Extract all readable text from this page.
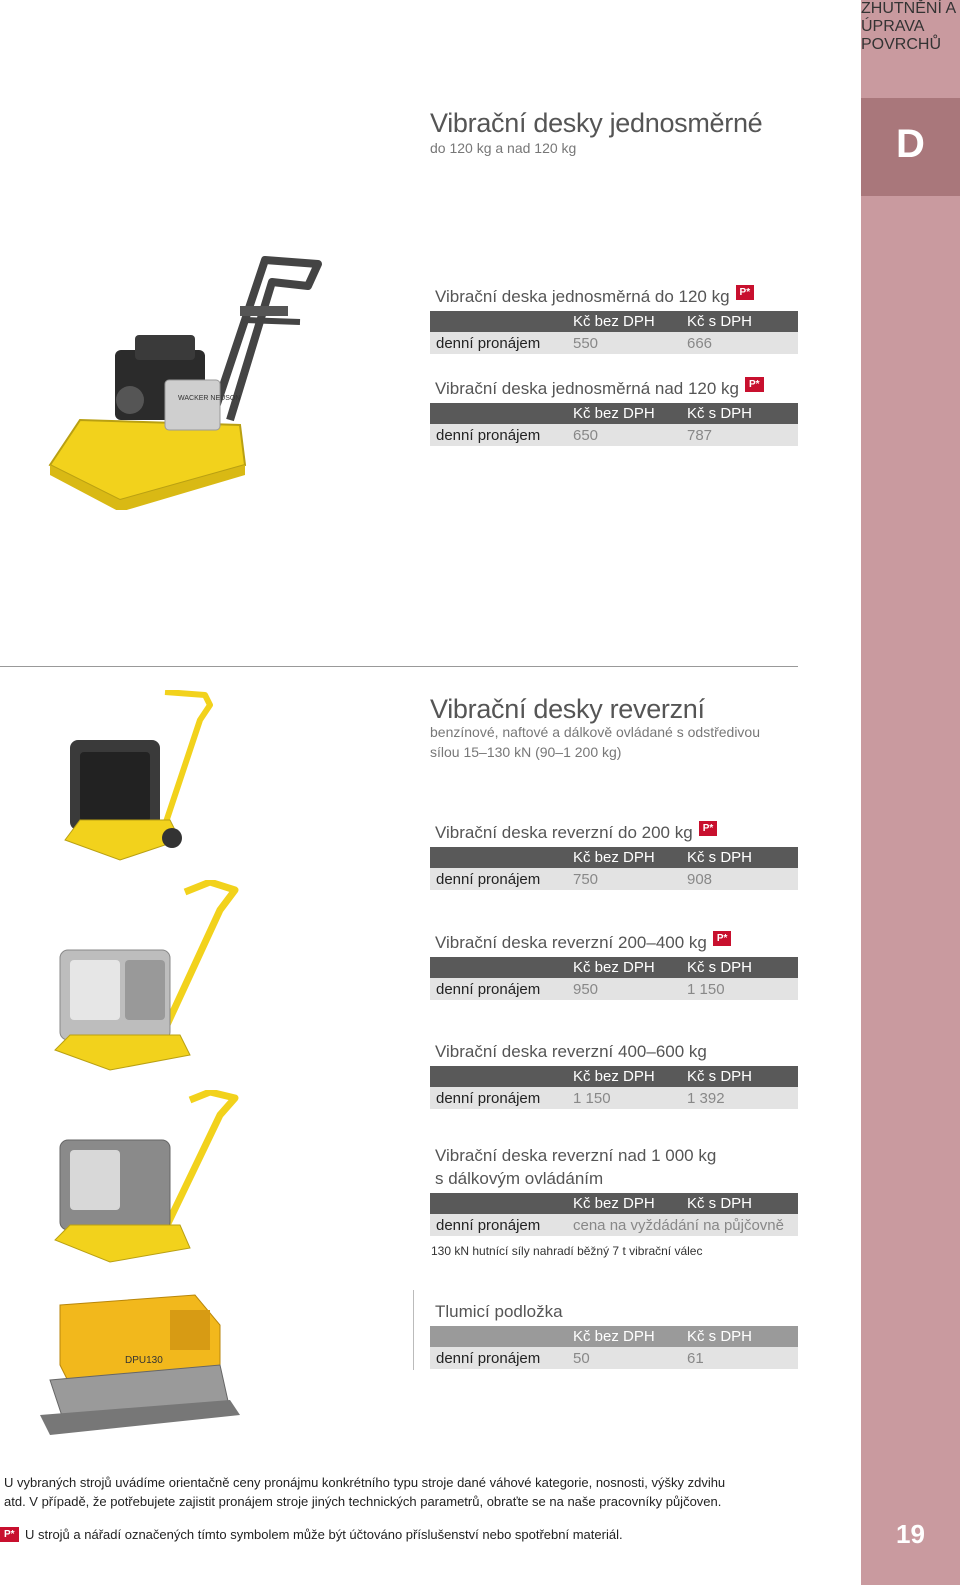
D
19
ZHUTNĚNÍ A ÚPRAVA POVRCHŮ
Vibrační desky jednosměrné
do 120 kg a nad 120 kg
Vibrační deska jednosměrná do 120 kg	P*
Kč bez DPH	Kč s DPH
denní pronájem	550	666
Vibrační deska jednosměrná nad 120 kg	P*
Kč bez DPH	Kč s DPH
denní pronájem	650	787
Vibrační desky reverzní
benzínové, naftové a dálkově ovládané s odstředivou
sílou 15–130 kN (90–1 200 kg)
Vibrační deska reverzní do 200 kg	P*
Kč bez DPH	Kč s DPH
denní pronájem	750	908
Vibrační deska reverzní 200–400 kg	P*
Kč bez DPH	Kč s DPH
denní pronájem	950	1 150
Vibrační deska reverzní 400–600 kg
Kč bez DPH	Kč s DPH
denní pronájem	1 150	1 392
Vibrační deska reverzní nad 1 000 kg
s dálkovým ovládáním
Kč bez DPH	Kč s DPH
denní pronájem	cena na vyždádání na půjčovně
130 kN hutnící síly nahradí běžný 7 t vibrační válec
Tlumicí podložka
Kč bez DPH	Kč s DPH
denní pronájem	50	61
WACKER NEUSON
DPU130
U vybraných strojů uvádíme orientačně ceny pronájmu konkrétního typu stroje dané váhové kategorie, nosnosti, výšky zdvihu
atd. V případě, že potřebujete zajistit pronájem stroje jiných technických parametrů, obraťte se na naše pracovníky půjčoven.
P* U strojů a nářadí označených tímto symbolem může být účtováno příslušenství nebo spotřební materiál.
